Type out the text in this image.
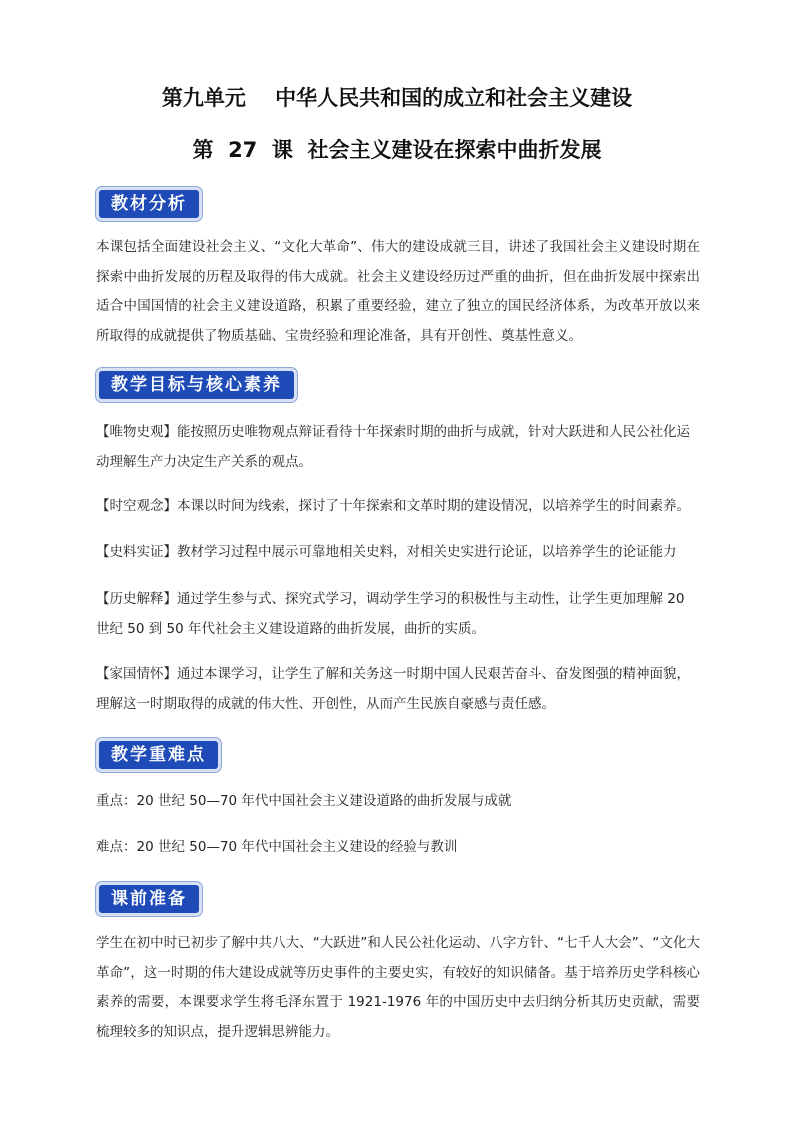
第九单元    中华人民共和国的成立和社会主义建设
第  27  课  社会主义建设在探索中曲折发展
教材分析
本课包括全面建设社会主义、“文化大革命”、伟大的建设成就三目，讲述了我国社会主义建设时期在探索中曲折发展的历程及取得的伟大成就。社会主义建设经历过严重的曲折，但在曲折发展中探索出适合中国国情的社会主义建设道路，积累了重要经验，建立了独立的国民经济体系，为改革开放以来所取得的成就提供了物质基础、宝贵经验和理论准备，具有开创性、奠基性意义。
教学目标与核心素养
【唯物史观】能按照历史唯物观点辩证看待十年探索时期的曲折与成就，针对大跃进和人民公社化运动理解生产力决定生产关系的观点。
【时空观念】本课以时间为线索，探讨了十年探索和文革时期的建设情况，以培养学生的时间素养。
【史料实证】教材学习过程中展示可靠地相关史料，对相关史实进行论证，以培养学生的论证能力
【历史解释】通过学生参与式、探究式学习，调动学生学习的积极性与主动性，让学生更加理解 20 世纪 50 到 50 年代社会主义建设道路的曲折发展，曲折的实质。
【家国情怀】通过本课学习，让学生了解和关务这一时期中国人民艰苦奋斗、奋发图强的精神面貌，理解这一时期取得的成就的伟大性、开创性，从而产生民族自豪感与责任感。
教学重难点
重点：20 世纪 50—70 年代中国社会主义建设道路的曲折发展与成就
难点：20 世纪 50—70 年代中国社会主义建设的经验与教训
课前准备
学生在初中时已初步了解中共八大、“大跃进”和人民公社化运动、八字方针、“七千人大会”、“文化大革命”，这一时期的伟大建设成就等历史事件的主要史实，有较好的知识储备。基于培养历史学科核心素养的需要，本课要求学生将毛泽东置于 1921-1976 年的中国历史中去归纳分析其历史贡献，需要梳理较多的知识点，提升逻辑思辨能力。
